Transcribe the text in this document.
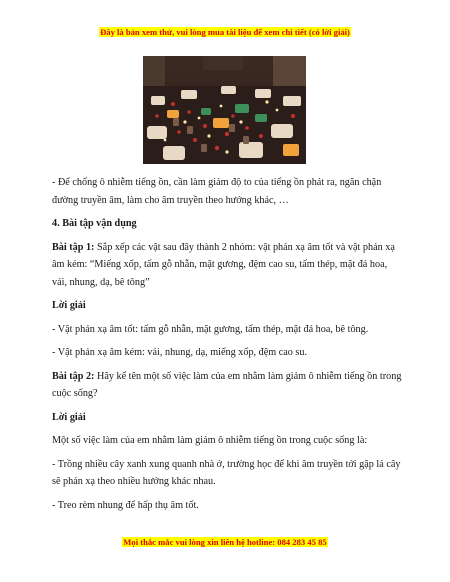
Đây là bản xem thử, vui lòng mua tài liệu để xem chi tiết (có lời giải)

- Để chống ô nhiễm tiếng ồn, cần làm giảm độ to của tiếng ồn phát ra, ngăn chặn đường truyền âm, làm cho âm truyền theo hướng khác, …

4. Bài tập vận dụng

Bài tập 1: Sắp xếp các vật sau đây thành 2 nhóm: vật phản xạ âm tốt và vật phản xạ âm kém: “Miếng xốp, tấm gỗ nhẵn, mặt gương, đệm cao su, tấm thép, mặt đá hoa, vải, nhung, dạ, bê tông”

Lời giải

- Vật phản xạ âm tốt: tấm gỗ nhẵn, mặt gương, tấm thép, mặt đá hoa, bê tông.

- Vật phản xạ âm kém: vải, nhung, dạ, miếng xốp, đệm cao su.

Bài tập 2: Hãy kể tên một số việc làm của em nhằm làm giảm ô nhiễm tiếng ồn trong cuộc sống?

Lời giải

Một số việc làm của em nhằm làm giảm ô nhiễm tiếng ồn trong cuộc sống là:

- Trồng nhiều cây xanh xung quanh nhà ở, trường học để khi âm truyền tới gặp lá cây sẽ phản xạ theo nhiều hướng khác nhau.

- Treo rèm nhung để hấp thụ âm tốt.

Mọi thắc mắc vui lòng xin liên hệ hotline: 084 283 45 85
